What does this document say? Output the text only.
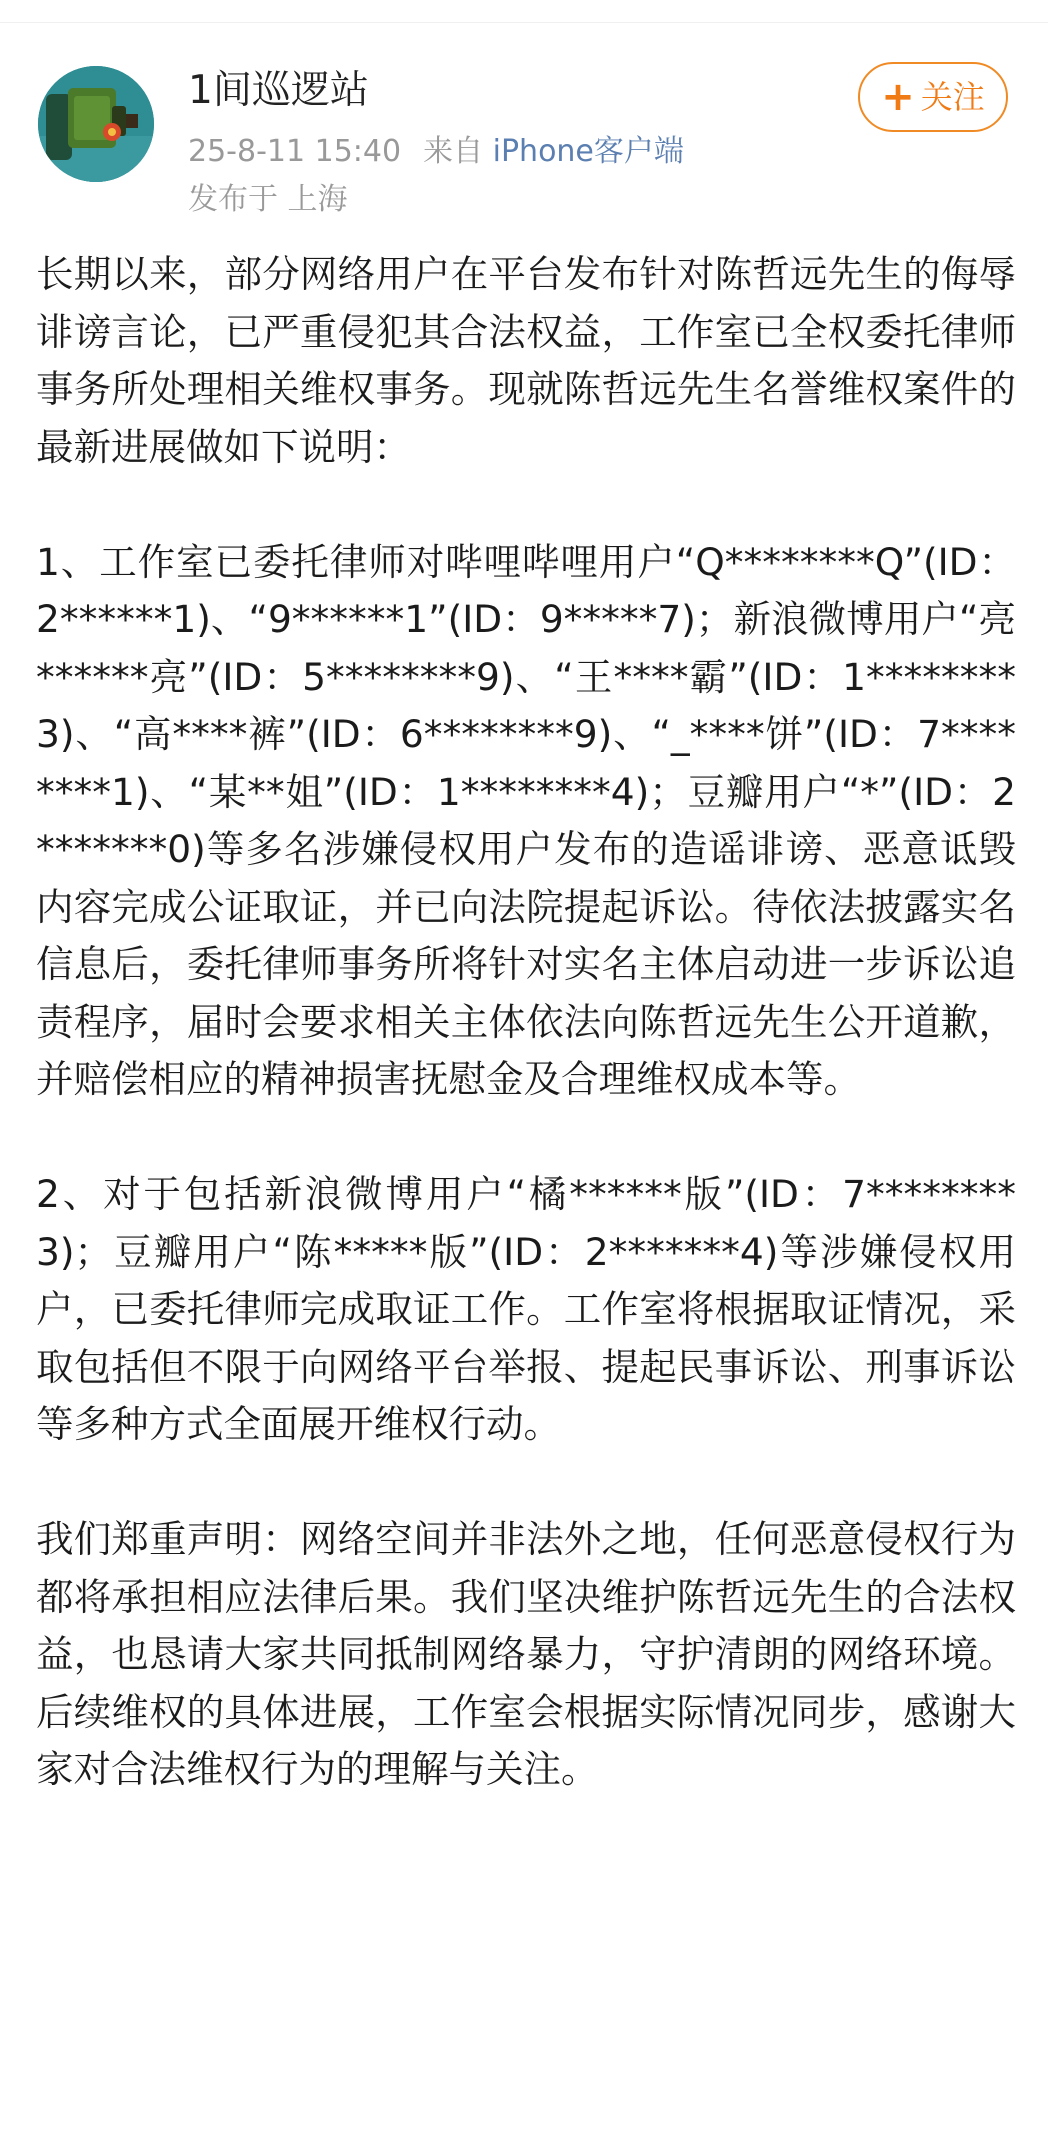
1间巡逻站
25-8-11 15:40 来自 iPhone客户端
发布于 上海
+ 关注

长期以来，部分网络用户在平台发布针对陈哲远先生的侮辱诽谤言论，已严重侵犯其合法权益，工作室已全权委托律师事务所处理相关维权事务。现就陈哲远先生名誉维权案件的最新进展做如下说明：

1、工作室已委托律师对哔哩哔哩用户“Q********Q”(ID：2******1)、“9******1”(ID：9*****7)；新浪微博用户“亮******亮”(ID：5********9)、“王****霸”(ID：1********3)、“高****裤”(ID：6********9)、“_****饼”(ID：7********1)、“某**姐”(ID：1********4)；豆瓣用户“*”(ID：2*******0)等多名涉嫌侵权用户发布的造谣诽谤、恶意诋毁内容完成公证取证，并已向法院提起诉讼。待依法披露实名信息后，委托律师事务所将针对实名主体启动进一步诉讼追责程序，届时会要求相关主体依法向陈哲远先生公开道歉，并赔偿相应的精神损害抚慰金及合理维权成本等。

2、对于包括新浪微博用户“橘******版”(ID：7********3)；豆瓣用户“陈*****版”(ID：2*******4)等涉嫌侵权用户，已委托律师完成取证工作。工作室将根据取证情况，采取包括但不限于向网络平台举报、提起民事诉讼、刑事诉讼等多种方式全面展开维权行动。

我们郑重声明：网络空间并非法外之地，任何恶意侵权行为都将承担相应法律后果。我们坚决维护陈哲远先生的合法权益，也恳请大家共同抵制网络暴力，守护清朗的网络环境。后续维权的具体进展，工作室会根据实际情况同步，感谢大家对合法维权行为的理解与关注。
